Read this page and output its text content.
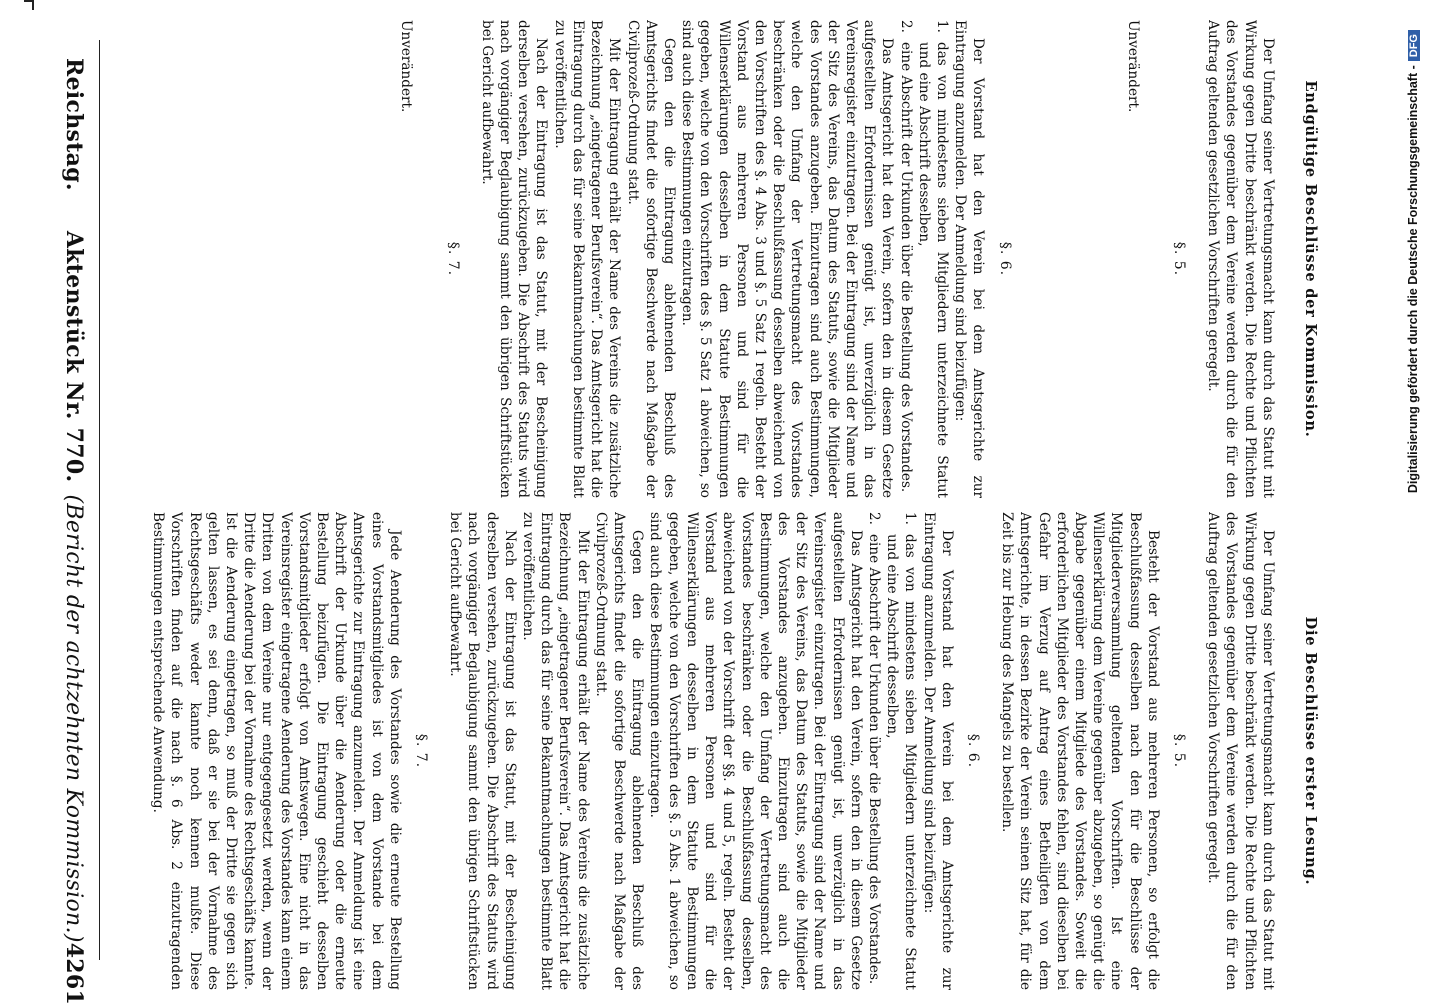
Reichstag.
Aktenstück Nr. 770.
(Bericht der achtzehnten Kommission.)
4261
Die Beschlüsse erster Lesung.

Der Umfang seiner Vertretungsmacht kann durch das Statut mit Wirkung gegen Dritte beschränkt werden. Die Rechte und Pflichten des Vorstandes gegenüber dem Vereine werden durch die für den Auftrag geltenden gesetzlichen Vorschriften geregelt.

§. 5.

Besteht der Vorstand aus mehreren Personen, so erfolgt die Beschlußfassung desselben nach den für die Beschlüsse der Mitgliederversammlung geltenden Vorschriften. Ist eine Willenserklärung dem Vereine gegenüber abzugeben, so genügt die Abgabe gegenüber einem Mitgliede des Vorstandes. Soweit die erforderlichen Mitglieder des Vorstandes fehlen, sind dieselben bei Gefahr im Verzug auf Antrag eines Betheiligten von dem Amtsgerichte, in dessen Bezirke der Verein seinen Sitz hat, für die Zeit bis zur Hebung des Mangels zu bestellen.

§. 6.

Der Vorstand hat den Verein bei dem Amtsgerichte zur Eintragung anzumelden. Der Anmeldung sind beizufügen:

1.
das von mindestens sieben Mitgliedern unterzeichnete Statut und eine Abschrift desselben,
2.
eine Abschrift der Urkunden über die Bestellung des Vorstandes.

Das Amtsgericht hat den Verein, sofern den in diesem Gesetze aufgestellten Erfordernissen genügt ist, unverzüglich in das Vereinsregister einzutragen. Bei der Eintragung sind der Name und der Sitz des Vereins, das Datum des Statuts, sowie die Mitglieder des Vorstandes anzugeben. Einzutragen sind auch die Bestimmungen, welche den Umfang der Vertretungsmacht des Vorstandes beschränken oder die Beschlußfassung desselben, abweichend von der Vorschrift der §§. 4 und 5, regeln. Besteht der Vorstand aus mehreren Personen und sind für die Willenserklärungen desselben in dem Statute Bestimmungen gegeben, welche von den Vorschriften des §. 5 Abs. 1 abweichen, so sind auch diese Bestimmungen einzutragen.

Gegen den die Eintragung ablehnenden Beschluß des Amtsgerichts findet die sofortige Beschwerde nach Maßgabe der Civilprozeß-Ordnung statt.

Mit der Eintragung erhält der Name des Vereins die zusätzliche Bezeichnung „eingetragener Berufsverein“. Das Amtsgericht hat die Eintragung durch das für seine Bekanntmachungen bestimmte Blatt zu veröffentlichen.

Nach der Eintragung ist das Statut, mit der Bescheinigung derselben versehen, zurückzugeben. Die Abschrift des Statuts wird nach vorgängiger Beglaubigung sammt den übrigen Schriftstücken bei Gericht aufbewahrt.

§. 7.

Jede Aenderung des Vorstandes sowie die erneute Bestellung eines Vorstandsmitgliedes ist von dem Vorstande bei dem Amtsgerichte zur Eintragung anzumelden. Der Anmeldung ist eine Abschrift der Urkunde über die Aenderung oder die erneute Bestellung beizufügen. Die Eintragung geschieht desselben Vorstandsmitglieder erfolgt von Amtswegen. Eine nicht in das Vereinsregister eingetragene Aenderung des Vorstandes kann einem Dritten von dem Vereine nur entgegengesetzt werden, wenn der Dritte die Aenderung bei der Vornahme des Rechtsgeschäfts kannte. Ist die Aenderung eingetragen, so muß der Dritte sie gegen sich gelten lassen, es sei denn, daß er sie bei der Vornahme des Rechtsgeschäfts weder kannte noch kennen mußte. Diese Vorschriften finden auf die nach §. 6 Abs. 2 einzutragenden Bestimmungen entsprechende Anwendung.

Endgültige Beschlüsse der Kommission.

Der Umfang seiner Vertretungsmacht kann durch das Statut mit Wirkung gegen Dritte beschränkt werden. Die Rechte und Pflichten des Vorstandes gegenüber dem Vereine werden durch die für den Auftrag geltenden gesetzlichen Vorschriften geregelt.

§. 5.

Unverändert.

§. 6.

Der Vorstand hat den Verein bei dem Amtsgerichte zur Eintragung anzumelden. Der Anmeldung sind beizufügen:

1.
das von mindestens sieben Mitgliedern unterzeichnete Statut und eine Abschrift desselben,
2.
eine Abschrift der Urkunden über die Bestellung des Vorstandes.

Das Amtsgericht hat den Verein, sofern den in diesem Gesetze aufgestellten Erfordernissen genügt ist, unverzüglich in das Vereinsregister einzutragen. Bei der Eintragung sind der Name und der Sitz des Vereins, das Datum des Statuts, sowie die Mitglieder des Vorstandes anzugeben. Einzutragen sind auch Bestimmungen, welche den Umfang der Vertretungsmacht des Vorstandes beschränken oder die Beschlußfassung desselben abweichend von den Vorschriften des §. 4 Abs. 3 und §. 5 Satz 1 regeln. Besteht der Vorstand aus mehreren Personen und sind für die Willenserklärungen desselben in dem Statute Bestimmungen gegeben, welche von den Vorschriften des §. 5 Satz 1 abweichen, so sind auch diese Bestimmungen einzutragen.

Gegen den die Eintragung ablehnenden Beschluß des Amtsgerichts findet die sofortige Beschwerde nach Maßgabe der Civilprozeß-Ordnung statt.

Mit der Eintragung erhält der Name des Vereins die zusätzliche Bezeichnung „eingetragener Berufsverein“. Das Amtsgericht hat die Eintragung durch das für seine Bekanntmachungen bestimmte Blatt zu veröffentlichen.

Nach der Eintragung ist das Statut, mit der Bescheinigung derselben versehen, zurückzugeben. Die Abschrift des Statuts wird nach vorgängiger Beglaubigung sammt den übrigen Schriftstücken bei Gericht aufbewahrt.

§. 7.

Unverändert.	Digitalisierung gefördert durch die Deutsche Forschungsgemeinschaft -DFG
